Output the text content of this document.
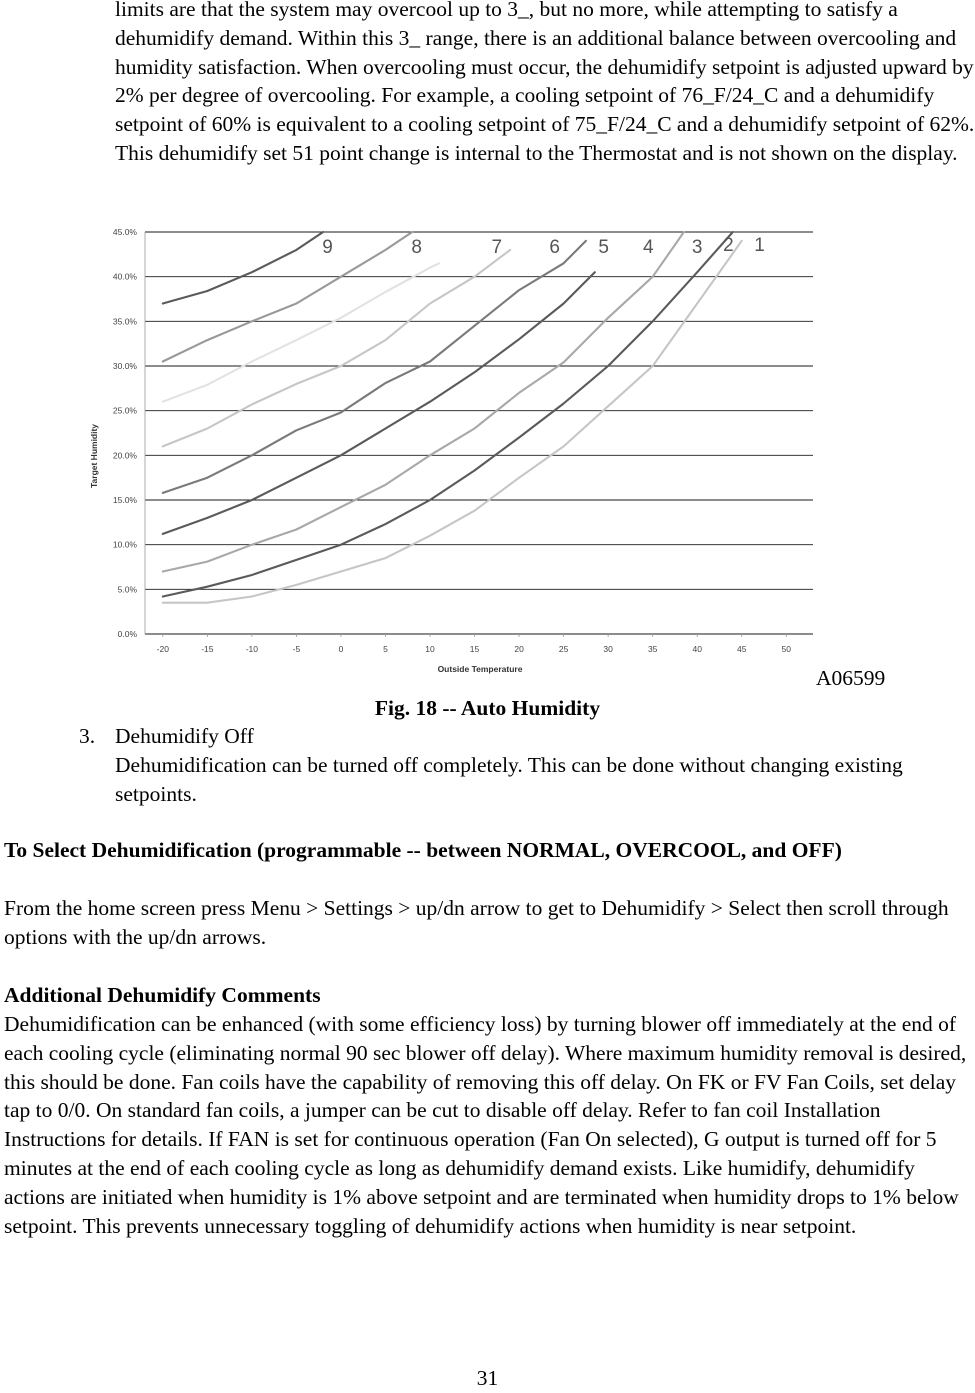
limits are that the system may overcool up to 3_, but no more, while attempting to satisfy a dehumidify demand. Within this 3_ range, there is an additional balance between overcooling and humidity satisfaction. When overcooling must occur, the dehumidify setpoint is adjusted upward by 2% per degree of overcooling. For example, a cooling setpoint of 76_F/24_C and a dehumidify setpoint of 60% is equivalent to a cooling setpoint of 75_F/24_C and a dehumidify setpoint of 62%. This dehumidify set 51 point change is internal to the Thermostat and is not shown on the display.

0.0%
5.0%
10.0%
15.0%
20.0%
25.0%
30.0%
35.0%
40.0%
45.0%
-20	-15	-10	-5	0	5	10	15	20	25	30	35	40	45	50
9	8	7 6 5 4 3 2 1
Target Humidity
Outside Temperature	A06599

Fig. 18 -- Auto Humidity

3. Dehumidify Off

Dehumidification can be turned off completely. This can be done without changing existing setpoints.

To Select Dehumidification (programmable -- between NORMAL, OVERCOOL, and OFF)

From the home screen press Menu > Settings > up/dn arrow to get to Dehumidify > Select then scroll through options with the up/dn arrows.

Additional Dehumidify Comments

Dehumidification can be enhanced (with some efficiency loss) by turning blower off immediately at the end of each cooling cycle (eliminating normal 90 sec blower off delay). Where maximum humidity removal is desired, this should be done. Fan coils have the capability of removing this off delay. On FK or FV Fan Coils, set delay tap to 0/0. On standard fan coils, a jumper can be cut to disable off delay. Refer to fan coil Installation Instructions for details. If FAN is set for continuous operation (Fan On selected), G output is turned off for 5 minutes at the end of each cooling cycle as long as dehumidify demand exists. Like humidify, dehumidify actions are initiated when humidity is 1% above setpoint and are terminated when humidity drops to 1% below setpoint. This prevents unnecessary toggling of dehumidify actions when humidity is near setpoint.

31
